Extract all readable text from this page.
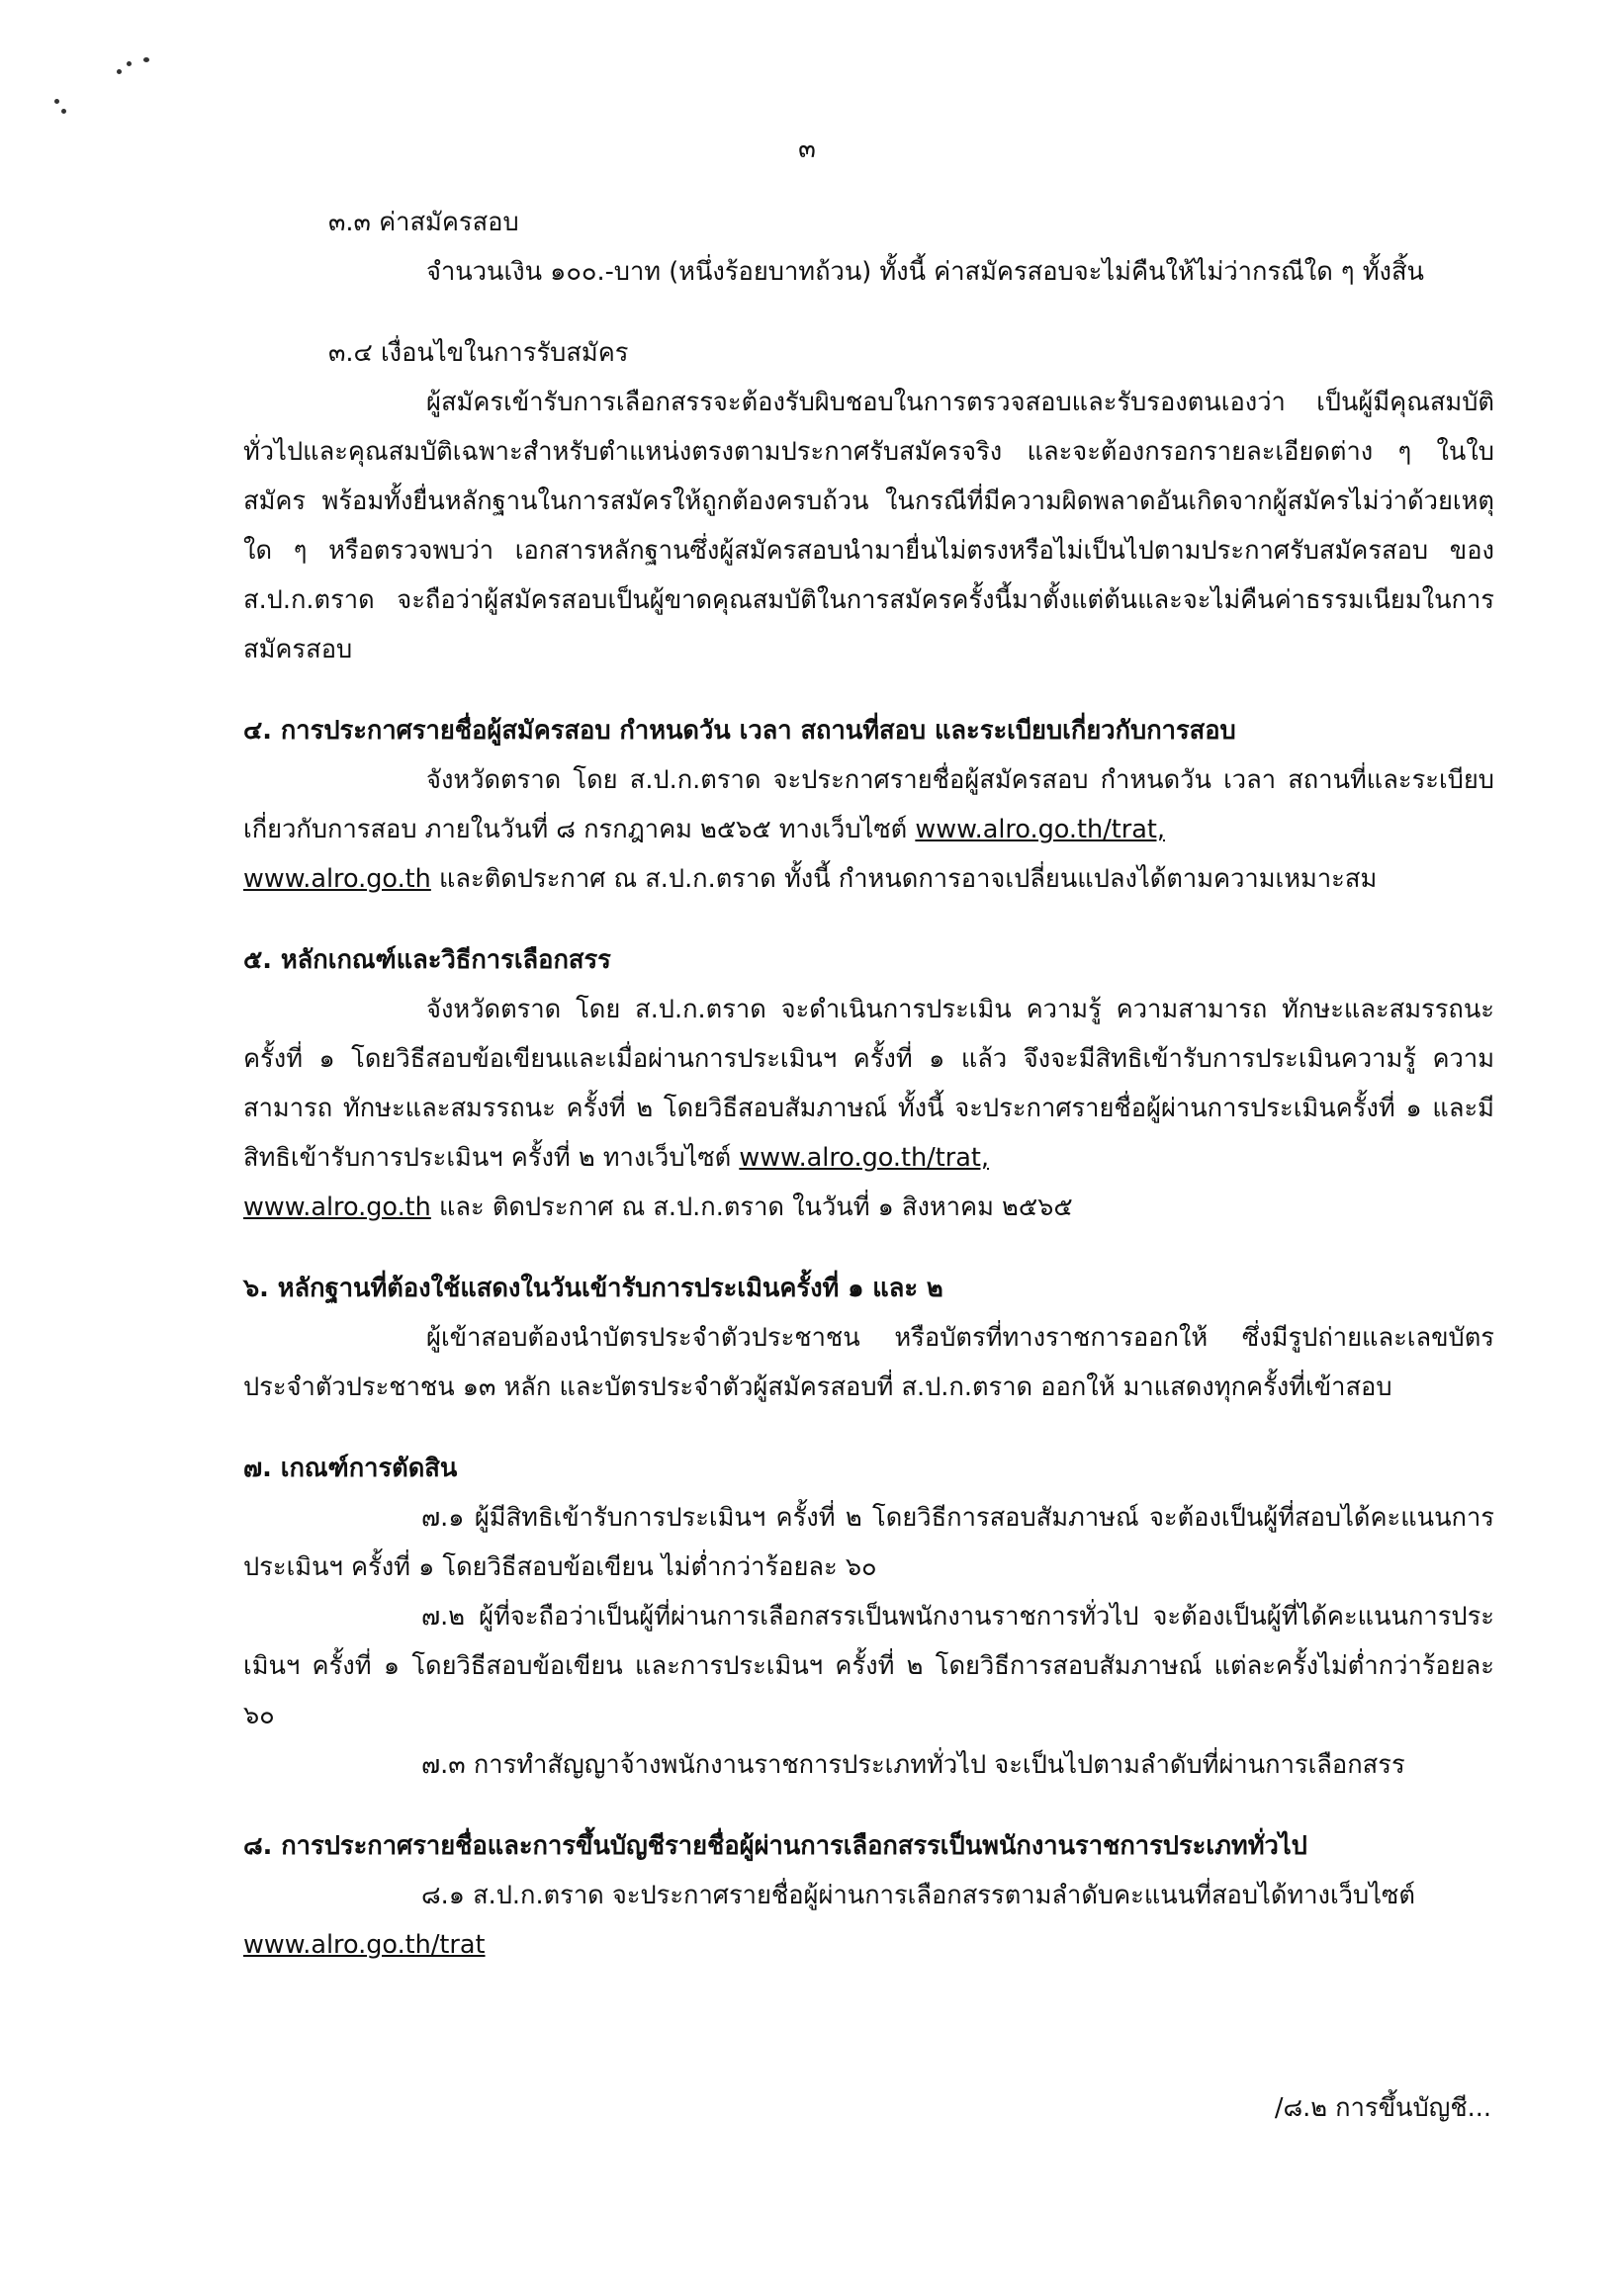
๓

๓.๓ ค่าสมัครสอบ

จำนวนเงิน ๑๐๐.-บาท (หนึ่งร้อยบาทถ้วน) ทั้งนี้ ค่าสมัครสอบจะไม่คืนให้ไม่ว่ากรณีใด ๆ ทั้งสิ้น

๓.๔ เงื่อนไขในการรับสมัคร

ผู้สมัครเข้ารับการเลือกสรรจะต้องรับผิบชอบในการตรวจสอบและรับรองตนเองว่า เป็นผู้มีคุณสมบัติทั่วไปและคุณสมบัติเฉพาะสำหรับตำแหน่งตรงตามประกาศรับสมัครจริง และจะต้องกรอกรายละเอียดต่าง ๆ ในใบสมัคร พร้อมทั้งยื่นหลักฐานในการสมัครให้ถูกต้องครบถ้วน ในกรณีที่มีความผิดพลาดอันเกิดจากผู้สมัครไม่ว่าด้วยเหตุใด ๆ หรือตรวจพบว่า เอกสารหลักฐานซึ่งผู้สมัครสอบนำมายื่นไม่ตรงหรือไม่เป็นไปตามประกาศรับสมัครสอบ ของ ส.ป.ก.ตราด จะถือว่าผู้สมัครสอบเป็นผู้ขาดคุณสมบัติในการสมัครครั้งนี้มาตั้งแต่ต้นและจะไม่คืนค่าธรรมเนียมในการสมัครสอบ

๔. การประกาศรายชื่อผู้สมัครสอบ กำหนดวัน เวลา สถานที่สอบ และระเบียบเกี่ยวกับการสอบ

จังหวัดตราด โดย ส.ป.ก.ตราด จะประกาศรายชื่อผู้สมัครสอบ กำหนดวัน เวลา สถานที่และระเบียบเกี่ยวกับการสอบ ภายในวันที่ ๘ กรกฎาคม ๒๕๖๕ ทางเว็บไซต์ www.alro.go.th/trat,
www.alro.go.th และติดประกาศ ณ ส.ป.ก.ตราด ทั้งนี้ กำหนดการอาจเปลี่ยนแปลงได้ตามความเหมาะสม

๕. หลักเกณฑ์และวิธีการเลือกสรร

จังหวัดตราด โดย ส.ป.ก.ตราด จะดำเนินการประเมิน ความรู้ ความสามารถ ทักษะและสมรรถนะ ครั้งที่ ๑ โดยวิธีสอบข้อเขียนและเมื่อผ่านการประเมินฯ ครั้งที่ ๑ แล้ว จึงจะมีสิทธิเข้ารับการประเมินความรู้ ความสามารถ ทักษะและสมรรถนะ ครั้งที่ ๒ โดยวิธีสอบสัมภาษณ์ ทั้งนี้ จะประกาศรายชื่อผู้ผ่านการประเมินครั้งที่ ๑ และมีสิทธิเข้ารับการประเมินฯ ครั้งที่ ๒ ทางเว็บไซต์ www.alro.go.th/trat,
www.alro.go.th และ ติดประกาศ ณ ส.ป.ก.ตราด ในวันที่ ๑ สิงหาคม ๒๕๖๕

๖. หลักฐานที่ต้องใช้แสดงในวันเข้ารับการประเมินครั้งที่ ๑ และ ๒

ผู้เข้าสอบต้องนำบัตรประจำตัวประชาชน หรือบัตรที่ทางราชการออกให้ ซึ่งมีรูปถ่ายและเลขบัตรประจำตัวประชาชน ๑๓ หลัก และบัตรประจำตัวผู้สมัครสอบที่ ส.ป.ก.ตราด ออกให้ มาแสดงทุกครั้งที่เข้าสอบ

๗. เกณฑ์การตัดสิน

๗.๑ ผู้มีสิทธิเข้ารับการประเมินฯ ครั้งที่ ๒ โดยวิธีการสอบสัมภาษณ์ จะต้องเป็นผู้ที่สอบได้คะแนนการประเมินฯ ครั้งที่ ๑ โดยวิธีสอบข้อเขียน ไม่ต่ำกว่าร้อยละ ๖๐

๗.๒ ผู้ที่จะถือว่าเป็นผู้ที่ผ่านการเลือกสรรเป็นพนักงานราชการทั่วไป จะต้องเป็นผู้ที่ได้คะแนนการประเมินฯ ครั้งที่ ๑ โดยวิธีสอบข้อเขียน และการประเมินฯ ครั้งที่ ๒ โดยวิธีการสอบสัมภาษณ์ แต่ละครั้งไม่ต่ำกว่าร้อยละ ๖๐

๗.๓ การทำสัญญาจ้างพนักงานราชการประเภททั่วไป จะเป็นไปตามลำดับที่ผ่านการเลือกสรร

๘. การประกาศรายชื่อและการขึ้นบัญชีรายชื่อผู้ผ่านการเลือกสรรเป็นพนักงานราชการประเภททั่วไป

๘.๑ ส.ป.ก.ตราด จะประกาศรายชื่อผู้ผ่านการเลือกสรรตามลำดับคะแนนที่สอบได้ทางเว็บไซต์
www.alro.go.th/trat

/๘.๒ การขึ้นบัญชี...
